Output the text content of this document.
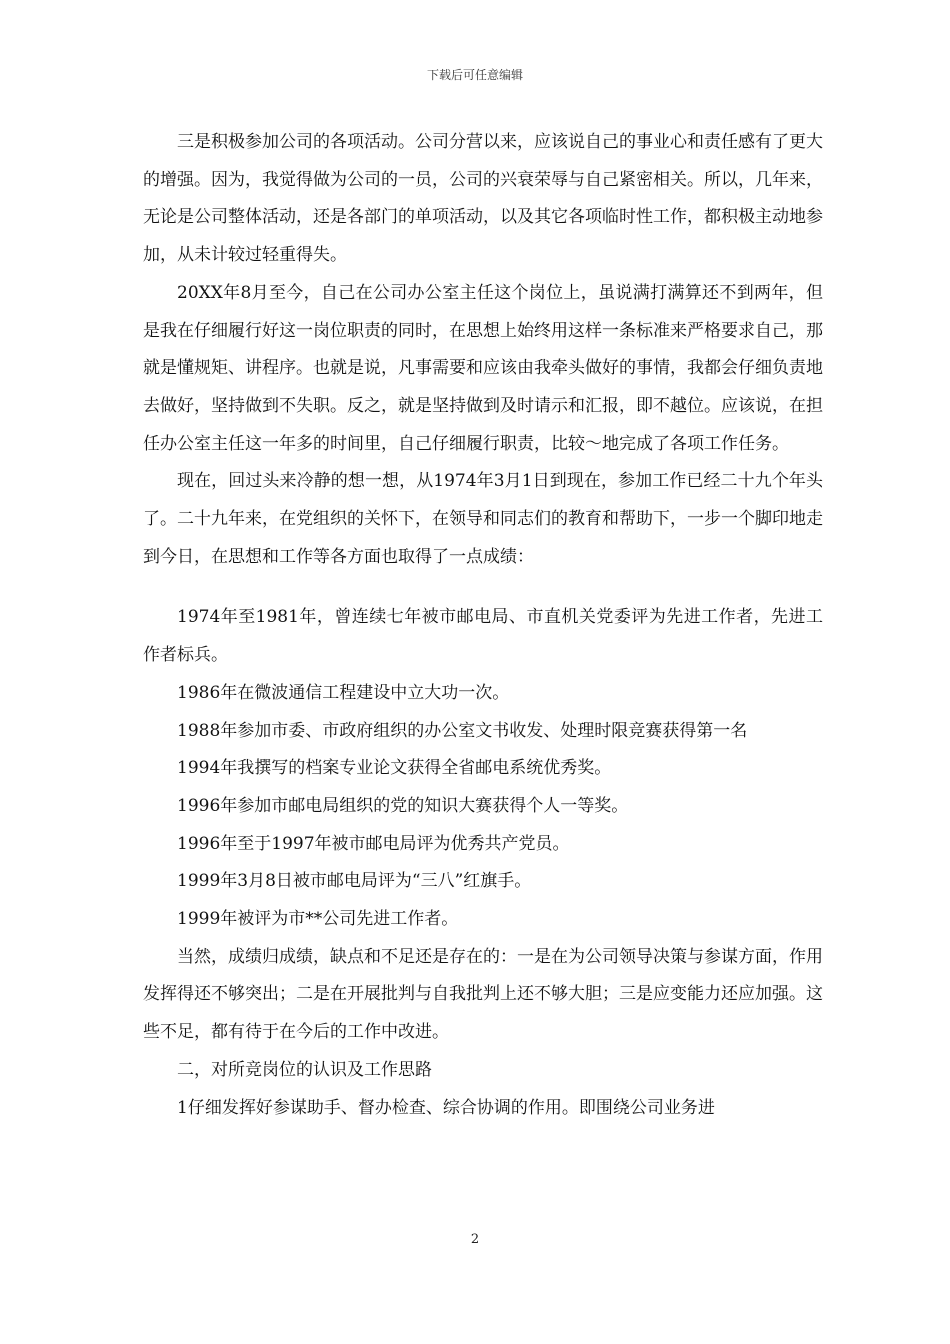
下载后可任意编辑

三是积极参加公司的各项活动。公司分营以来，应该说自己的事业心和责任感有了更大的增强。因为，我觉得做为公司的一员，公司的兴衰荣辱与自己紧密相关。所以，几年来，无论是公司整体活动，还是各部门的单项活动，以及其它各项临时性工作，都积极主动地参加，从未计较过轻重得失。

20XX年8月至今，自己在公司办公室主任这个岗位上，虽说满打满算还不到两年，但是我在仔细履行好这一岗位职责的同时，在思想上始终用这样一条标准来严格要求自己，那就是懂规矩、讲程序。也就是说，凡事需要和应该由我牵头做好的事情，我都会仔细负责地去做好，坚持做到不失职。反之，就是坚持做到及时请示和汇报，即不越位。应该说，在担任办公室主任这一年多的时间里，自己仔细履行职责，比较～地完成了各项工作任务。

现在，回过头来冷静的想一想，从1974年3月1日到现在，参加工作已经二十九个年头了。二十九年来，在党组织的关怀下，在领导和同志们的教育和帮助下，一步一个脚印地走到今日，在思想和工作等各方面也取得了一点成绩：

1974年至1981年，曾连续七年被市邮电局、市直机关党委评为先进工作者，先进工作者标兵。

1986年在微波通信工程建设中立大功一次。

1988年参加市委、市政府组织的办公室文书收发、处理时限竞赛获得第一名

1994年我撰写的档案专业论文获得全省邮电系统优秀奖。

1996年参加市邮电局组织的党的知识大赛获得个人一等奖。

1996年至于1997年被市邮电局评为优秀共产党员。

1999年3月8日被市邮电局评为“三八”红旗手。

1999年被评为市**公司先进工作者。

当然，成绩归成绩，缺点和不足还是存在的：一是在为公司领导决策与参谋方面，作用发挥得还不够突出；二是在开展批判与自我批判上还不够大胆；三是应变能力还应加强。这些不足，都有待于在今后的工作中改进。

二，对所竞岗位的认识及工作思路

1仔细发挥好参谋助手、督办检查、综合协调的作用。即围绕公司业务进

2
